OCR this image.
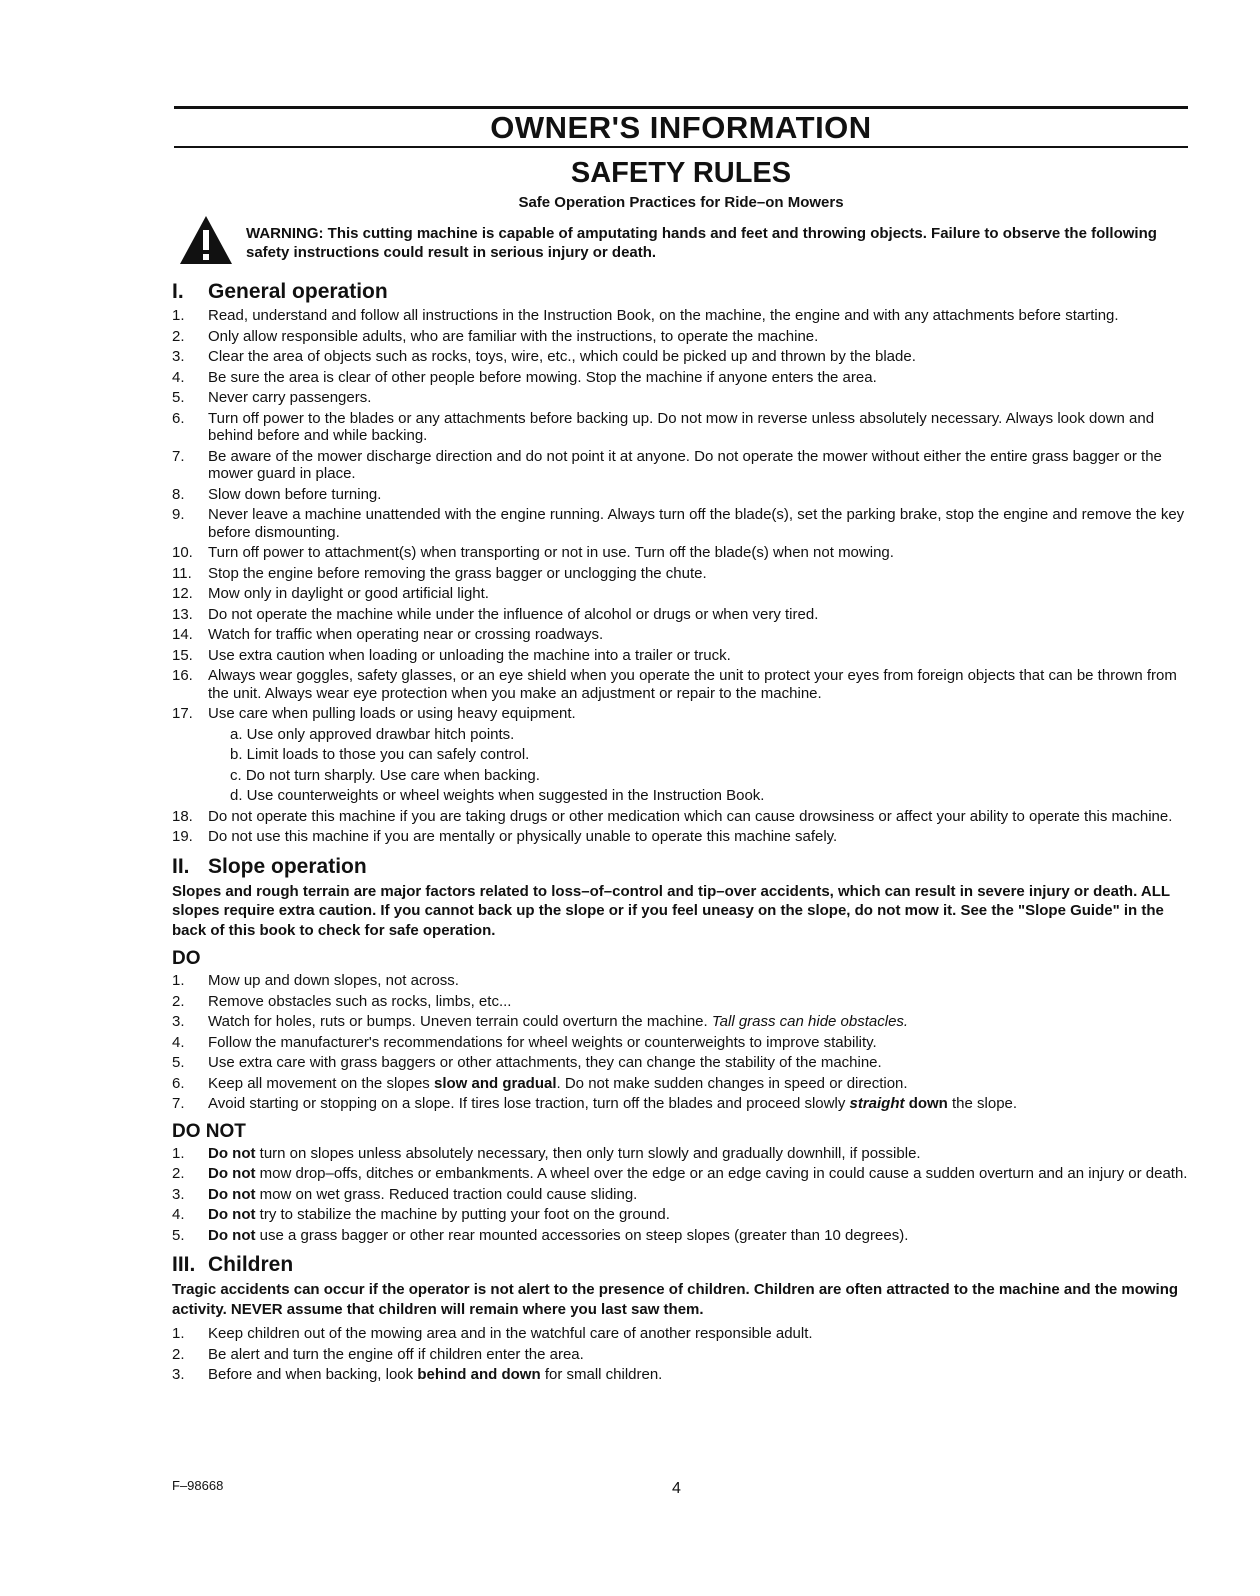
OWNER'S INFORMATION
SAFETY RULES
Safe Operation Practices for Ride–on Mowers
WARNING: This cutting machine is capable of amputating hands and feet and throwing objects. Failure to observe the following safety instructions could result in serious injury or death.
I. General operation
1. Read, understand and follow all instructions in the Instruction Book, on the machine, the engine and with any attachments before starting.
2. Only allow responsible adults, who are familiar with the instructions, to operate the machine.
3. Clear the area of objects such as rocks, toys, wire, etc., which could be picked up and thrown by the blade.
4. Be sure the area is clear of other people before mowing. Stop the machine if anyone enters the area.
5. Never carry passengers.
6. Turn off power to the blades or any attachments before backing up. Do not mow in reverse unless absolutely necessary. Always look down and behind before and while backing.
7. Be aware of the mower discharge direction and do not point it at anyone. Do not operate the mower without either the entire grass bagger or the mower guard in place.
8. Slow down before turning.
9. Never leave a machine unattended with the engine running. Always turn off the blade(s), set the parking brake, stop the engine and remove the key before dismounting.
10. Turn off power to attachment(s) when transporting or not in use. Turn off the blade(s) when not mowing.
11. Stop the engine before removing the grass bagger or unclogging the chute.
12. Mow only in daylight or good artificial light.
13. Do not operate the machine while under the influence of alcohol or drugs or when very tired.
14. Watch for traffic when operating near or crossing roadways.
15. Use extra caution when loading or unloading the machine into a trailer or truck.
16. Always wear goggles, safety glasses, or an eye shield when you operate the unit to protect your eyes from foreign objects that can be thrown from the unit. Always wear eye protection when you make an adjustment or repair to the machine.
17. Use care when pulling loads or using heavy equipment.
a. Use only approved drawbar hitch points.
b. Limit loads to those you can safely control.
c. Do not turn sharply. Use care when backing.
d. Use counterweights or wheel weights when suggested in the Instruction Book.
18. Do not operate this machine if you are taking drugs or other medication which can cause drowsiness or affect your ability to operate this machine.
19. Do not use this machine if you are mentally or physically unable to operate this machine safely.
II. Slope operation
Slopes and rough terrain are major factors related to loss–of–control and tip–over accidents, which can result in severe injury or death. ALL slopes require extra caution. If you cannot back up the slope or if you feel uneasy on the slope, do not mow it. See the "Slope Guide" in the back of this book to check for safe operation.
DO
1. Mow up and down slopes, not across.
2. Remove obstacles such as rocks, limbs, etc...
3. Watch for holes, ruts or bumps. Uneven terrain could overturn the machine. Tall grass can hide obstacles.
4. Follow the manufacturer's recommendations for wheel weights or counterweights to improve stability.
5. Use extra care with grass baggers or other attachments, they can change the stability of the machine.
6. Keep all movement on the slopes slow and gradual. Do not make sudden changes in speed or direction.
7. Avoid starting or stopping on a slope. If tires lose traction, turn off the blades and proceed slowly straight down the slope.
DO NOT
1. Do not turn on slopes unless absolutely necessary, then only turn slowly and gradually downhill, if possible.
2. Do not mow drop–offs, ditches or embankments. A wheel over the edge or an edge caving in could cause a sudden overturn and an injury or death.
3. Do not mow on wet grass. Reduced traction could cause sliding.
4. Do not try to stabilize the machine by putting your foot on the ground.
5. Do not use a grass bagger or other rear mounted accessories on steep slopes (greater than 10 degrees).
III. Children
Tragic accidents can occur if the operator is not alert to the presence of children. Children are often attracted to the machine and the mowing activity. NEVER assume that children will remain where you last saw them.
1. Keep children out of the mowing area and in the watchful care of another responsible adult.
2. Be alert and turn the engine off if children enter the area.
3. Before and when backing, look behind and down for small children.
F–98668	4
